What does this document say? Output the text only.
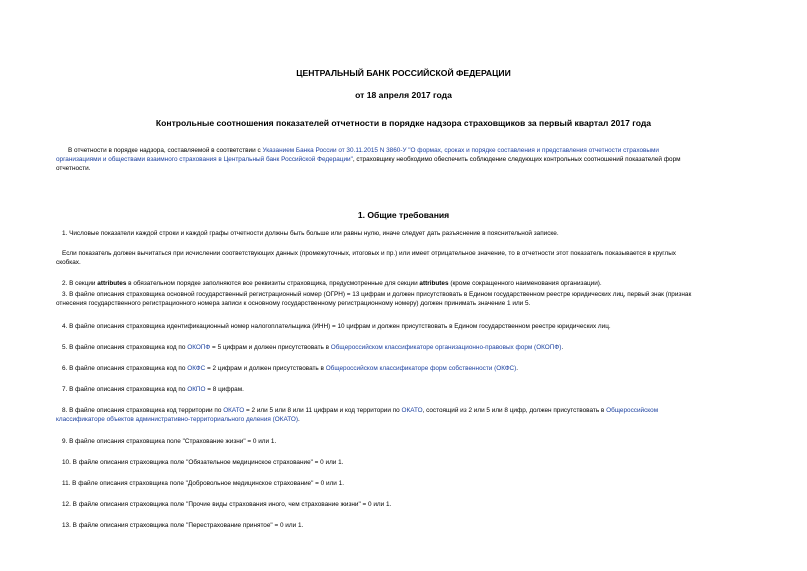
ЦЕНТРАЛЬНЫЙ БАНК РОССИЙСКОЙ ФЕДЕРАЦИИ
от 18 апреля 2017 года
Контрольные соотношения показателей отчетности в порядке надзора страховщиков за первый квартал 2017 года
В отчетности в порядке надзора, составляемой в соответствии с Указанием Банка России от 30.11.2015 N 3860-У "О формах, сроках и порядке составления и представления отчетности страховыми
организациями и обществами взаимного страхования в Центральный банк Российской Федерации", страховщику необходимо обеспечить соблюдение следующих контрольных соотношений показателей форм
отчетности.
1. Общие требования
1. Числовые показатели каждой строки и каждой графы отчетности должны быть больше или равны нулю, иначе следует дать разъяснение в пояснительной записке.
Если показатель должен вычитаться при исчислении соответствующих данных (промежуточных, итоговых и пр.) или имеет отрицательное значение, то в отчетности этот показатель показывается в круглых
скобках.
2. В секции attributes в обязательном порядке заполняются все реквизиты страховщика, предусмотренные для секции attributes (кроме сокращенного наименования организации).
3. В файле описания страховщика основной государственный регистрационный номер (ОГРН) = 13 цифрам и должен присутствовать в Едином государственном реестре юридических лиц, первый знак (признак
отнесения государственного регистрационного номера записи к основному государственному регистрационному номеру) должен принимать значение 1 или 5.
4. В файле описания страховщика идентификационный номер налогоплательщика (ИНН) = 10 цифрам и должен присутствовать в Едином государственном реестре юридических лиц.
5. В файле описания страховщика код по ОКОПФ = 5 цифрам и должен присутствовать в Общероссийском классификаторе организационно-правовых форм (ОКОПФ).
6. В файле описания страховщика код по ОКФС = 2 цифрам и должен присутствовать в Общероссийском классификаторе форм собственности (ОКФС).
7. В файле описания страховщика код по ОКПО = 8 цифрам.
8. В файле описания страховщика код территории по ОКАТО = 2 или 5 или 8 или 11 цифрам и код территории по ОКАТО, состоящий из 2 или 5 или 8 цифр, должен присутствовать в Общероссийском
классификаторе объектов административно-территориального деления (ОКАТО).
9. В файле описания страховщика поле "Страхование жизни" = 0 или 1.
10. В файле описания страховщика поле "Обязательное медицинское страхование" = 0 или 1.
11. В файле описания страховщика поле "Добровольное медицинское страхование" = 0 или 1.
12. В файле описания страховщика поле "Прочие виды страхования иного, чем страхование жизни" = 0 или 1.
13. В файле описания страховщика поле "Перестрахование принятое" = 0 или 1.
